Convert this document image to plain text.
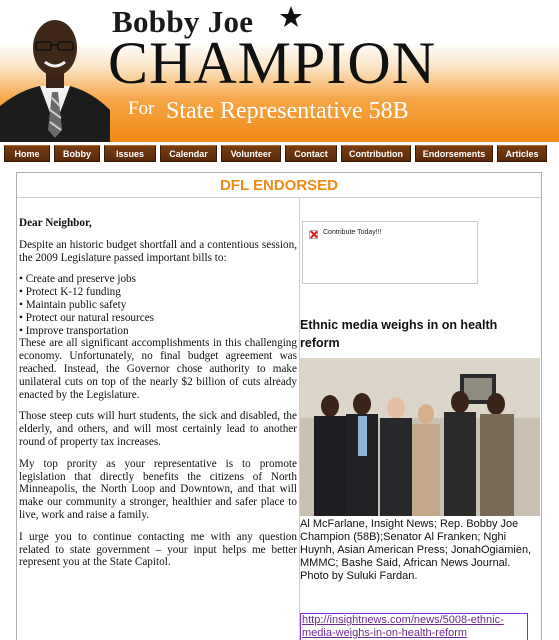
Bobby Joe
CHAMPION
For State Representative 58B
Home	Bobby	Issues	Calendar	Volunteer	Contact	Contribution	Endorsements	Articles
DFL ENDORSED
Dear Neighbor,

Despite an historic budget shortfall and a contentious session, the 2009 Legislature passed important bills to:

• Create and preserve jobs
• Protect K-12 funding
• Maintain public safety
• Protect our natural resources
• Improve transportation

These are all significant accomplishments in this challenging economy. Unfortunately, no final budget agreement was reached. Instead, the Governor chose authority to make unilateral cuts on top of the nearly $2 billion of cuts already enacted by the Legislature.

Those steep cuts will hurt students, the sick and disabled, the elderly, and others, and will most certainly lead to another round of property tax increases.

My top prority as your representative is to promote legislation that directly benefits the citizens of North Minneapolis, the North Loop and Downtown, and that will make our community a stronger, healthier and safer place to live, work and raise a family.

I urge you to continue contacting me with any question related to state government – your input helps me better represent you at the State Capitol.

Contribute Today!!!
Ethnic media weighs in on health reform
Al McFarlane, Insight News; Rep. Bobby Joe Champion (58B);Senator Al Franken; Nghi Huynh, Asian American Press; JonahOgiamien, MMMC; Bashe Said, African News Journal. Photo by Suluki Fardan.
http://insightnews.com/news/5008-ethnic-media-weighs-in-on-health-reform
